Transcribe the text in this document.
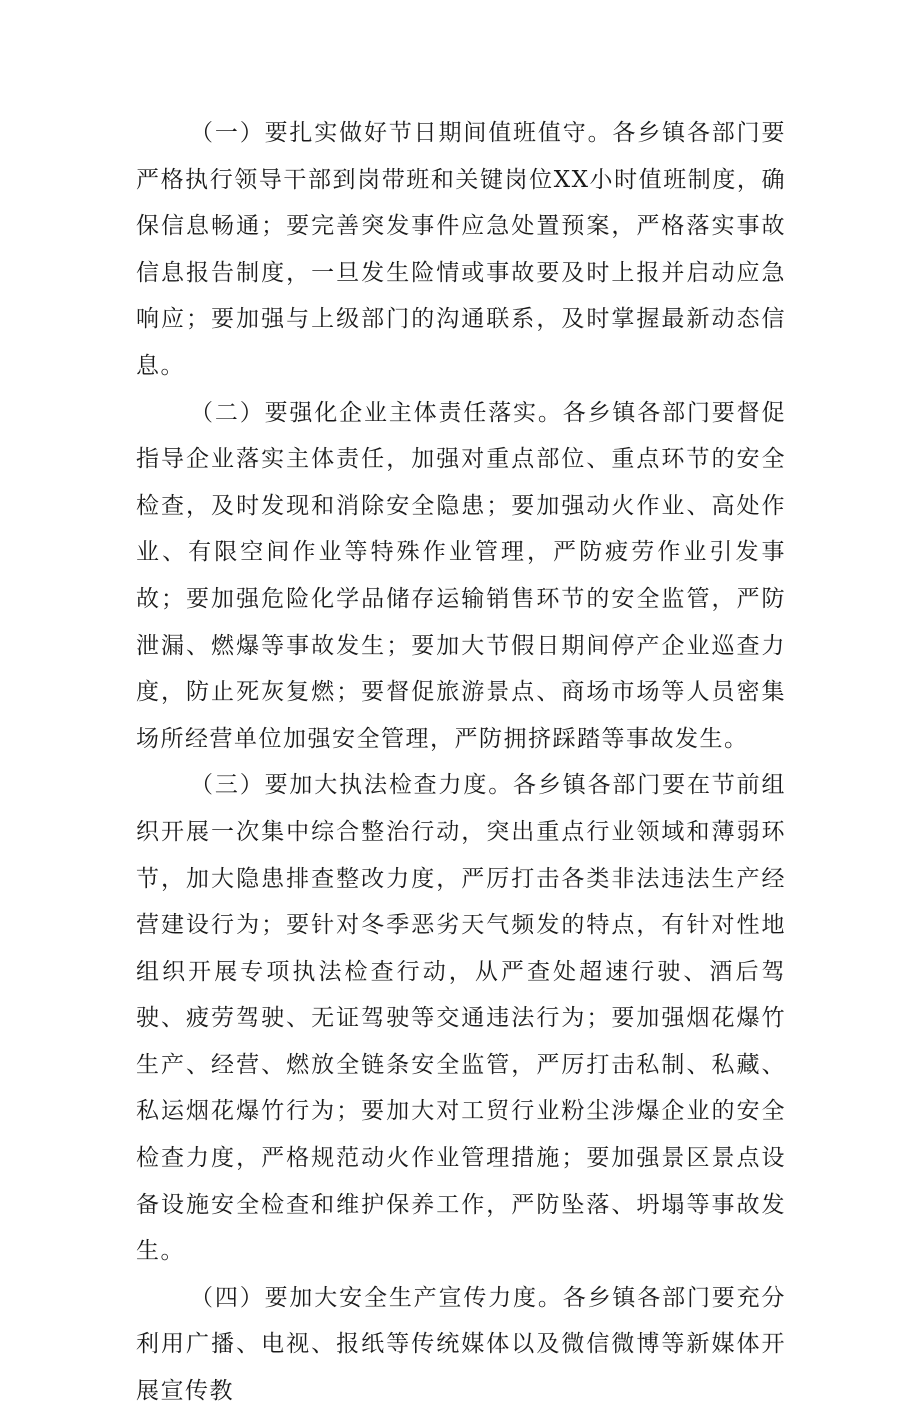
（一）要扎实做好节日期间值班值守。各乡镇各部门要严格执行领导干部到岗带班和关键岗位XX小时值班制度，确保信息畅通；要完善突发事件应急处置预案，严格落实事故信息报告制度，一旦发生险情或事故要及时上报并启动应急响应；要加强与上级部门的沟通联系，及时掌握最新动态信息。

（二）要强化企业主体责任落实。各乡镇各部门要督促指导企业落实主体责任，加强对重点部位、重点环节的安全检查，及时发现和消除安全隐患；要加强动火作业、高处作业、有限空间作业等特殊作业管理，严防疲劳作业引发事故；要加强危险化学品储存运输销售环节的安全监管，严防泄漏、燃爆等事故发生；要加大节假日期间停产企业巡查力度，防止死灰复燃；要督促旅游景点、商场市场等人员密集场所经营单位加强安全管理，严防拥挤踩踏等事故发生。

（三）要加大执法检查力度。各乡镇各部门要在节前组织开展一次集中综合整治行动，突出重点行业领域和薄弱环节，加大隐患排查整改力度，严厉打击各类非法违法生产经营建设行为；要针对冬季恶劣天气频发的特点，有针对性地组织开展专项执法检查行动，从严查处超速行驶、酒后驾驶、疲劳驾驶、无证驾驶等交通违法行为；要加强烟花爆竹生产、经营、燃放全链条安全监管，严厉打击私制、私藏、私运烟花爆竹行为；要加大对工贸行业粉尘涉爆企业的安全检查力度，严格规范动火作业管理措施；要加强景区景点设备设施安全检查和维护保养工作，严防坠落、坍塌等事故发生。

（四）要加大安全生产宣传力度。各乡镇各部门要充分利用广播、电视、报纸等传统媒体以及微信微博等新媒体开展宣传教
